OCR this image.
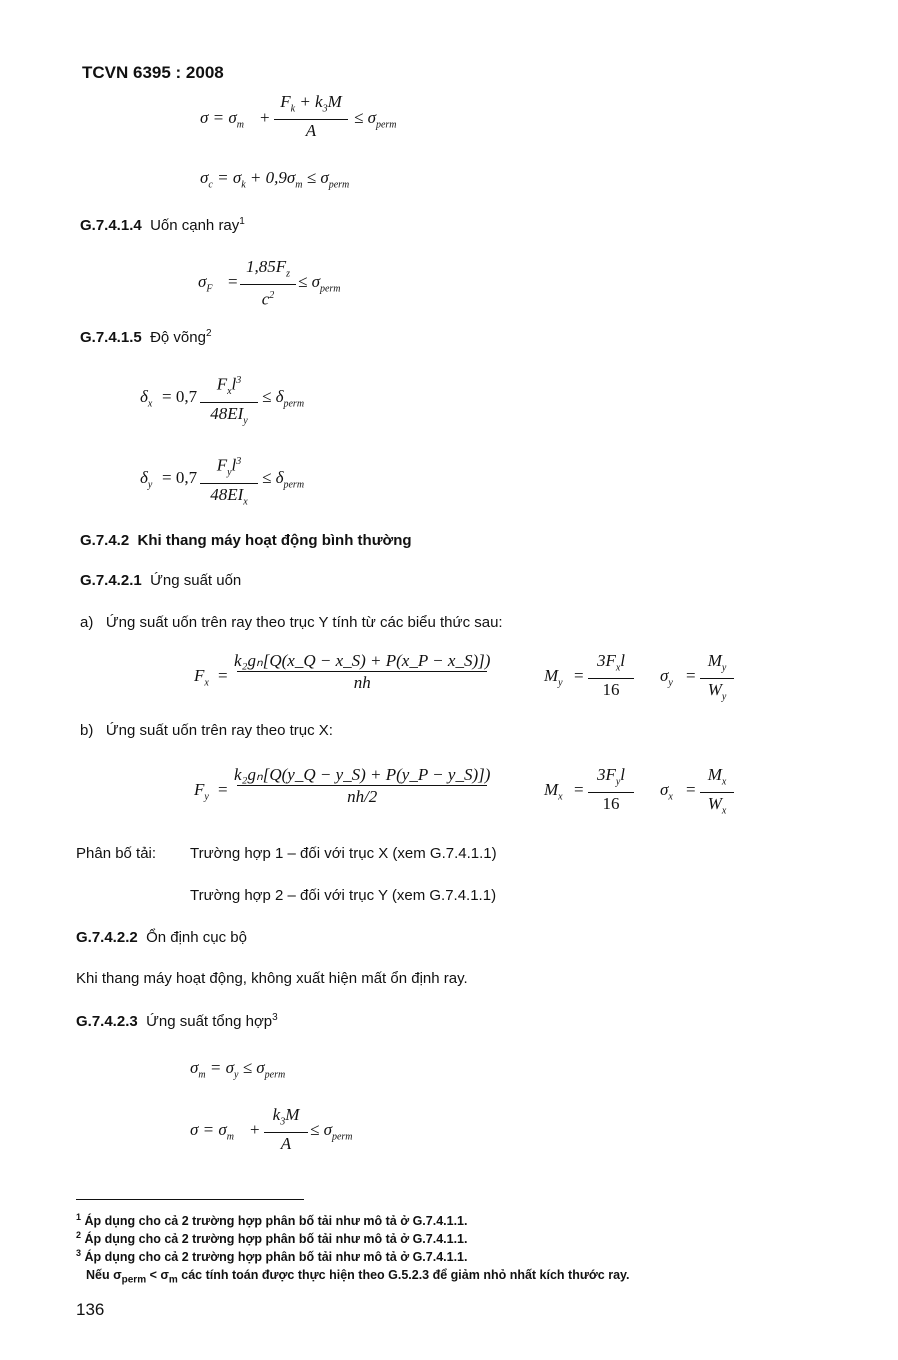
TCVN 6395 : 2008
$\sigma = \sigma_m + \frac{F_k + k_3M}{A} \le \sigma_{perm}$
$\sigma_c = \sigma_k + 0,9\sigma_m \le \sigma_{perm}$
G.7.4.1.4 Uốn cạnh ray$^1$
$\sigma_F = \frac{1,85F_z}{c^2} \le \sigma_{perm}$
G.7.4.1.5 Độ võng$^2$
$\delta_x = 0,7$
$F_xl^3$
$48EI_y$
≤ $\delta_{perm}$
$\delta_y = 0,7$
$F_yl^3$
$48EI_x$
≤ $\delta_{perm}$
G.7.4.2 Khi thang máy hoạt động bình thường
G.7.4.2.1 Ứng suất uốn
a) Ứng suất uốn trên ray theo trục Y tính từ các biểu thức sau:
$F_x = \frac{\text{k₂gₙ[Q(x\_Q − x\_S) + P(x\_P − x\_S)])}}{nh}$	$M_y$ =
$3F_xl$
16
$\sigma_y = \frac{M_y}{W_y}$
b) Ứng suất uốn trên ray theo trục X:
$F_y = \frac{\text{k₂gₙ[Q(y\_Q − y\_S) + P(y\_P − y\_S)])}}{nh/2}$	$M_x$ =
$3F_yl$
16
$\sigma_x = \frac{M_x}{W_x}$
Phân bố tải: Trường hợp 1 – đối với trục X (xem G.7.4.1.1)
Trường hợp 2 – đối với trục Y (xem G.7.4.1.1)
G.7.4.2.2 Ổn định cục bộ
Khi thang máy hoạt động, không xuất hiện mất ổn định ray.
G.7.4.2.3 Ứng suất tổng hợp$^3$
$\sigma_m = \sigma_y \le \sigma_{perm}$
$\sigma = \sigma_m + \frac{k_3M}{A} \le \sigma_{perm}$
$^1$ Áp dụng cho cả 2 trường hợp phân bố tải như mô tả ở G.7.4.1.1.
$^2$ Áp dụng cho cả 2 trường hợp phân bố tải như mô tả ở G.7.4.1.1.
$^3$ Áp dụng cho cả 2 trường hợp phân bố tải như mô tả ở G.7.4.1.1.
Nếu $\sigma_{perm} < \sigma_m$ các tính toán được thực hiện theo G.5.2.3 để giảm nhỏ nhất kích thước ray.
136
